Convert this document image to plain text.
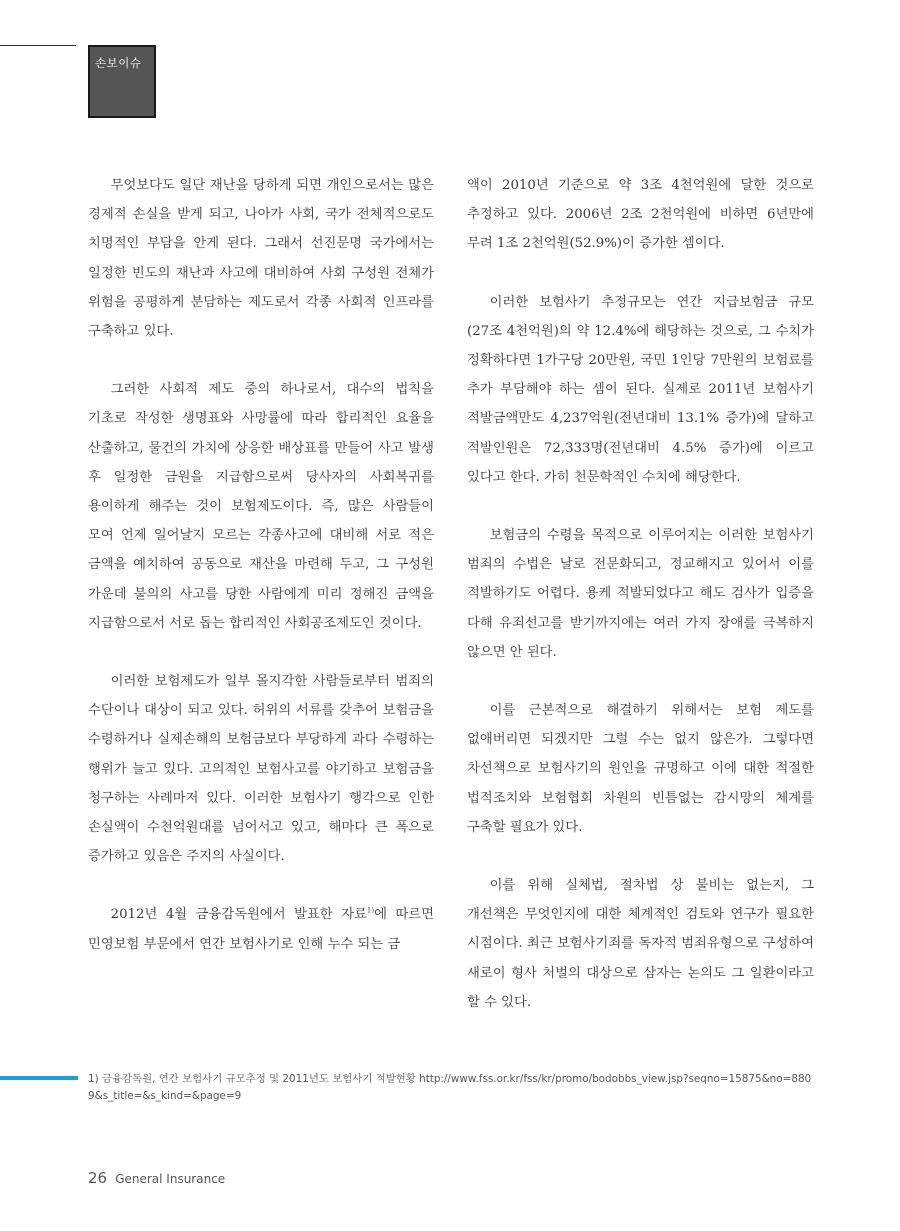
손보이슈

무엇보다도 일단 재난을 당하게 되면 개인으로서는 많은 경제적 손실을 받게 되고, 나아가 사회, 국가 전체적으로도 치명적인 부담을 안게 된다. 그래서 선진문명 국가에서는 일정한 빈도의 재난과 사고에 대비하여 사회 구성원 전체가 위험을 공평하게 분담하는 제도로서 각종 사회적 인프라를 구축하고 있다.

그러한 사회적 제도 중의 하나로서, 대수의 법칙을 기초로 작성한 생명표와 사망률에 따라 합리적인 요율을 산출하고, 물건의 가치에 상응한 배상표를 만들어 사고 발생 후 일정한 금원을 지급함으로써 당사자의 사회복귀를 용이하게 해주는 것이 보험제도이다. 즉, 많은 사람들이 모여 언제 일어날지 모르는 각종사고에 대비해 서로 적은 금액을 예치하여 공동으로 재산을 마련해 두고, 그 구성원 가운데 불의의 사고를 당한 사람에게 미리 정해진 금액을 지급함으로서 서로 돕는 합리적인 사회공조제도인 것이다.

이러한 보험제도가 일부 몰지각한 사람들로부터 범죄의 수단이나 대상이 되고 있다. 허위의 서류를 갖추어 보험금을 수령하거나 실제손해의 보험금보다 부당하게 과다 수령하는 행위가 늘고 있다. 고의적인 보험사고를 야기하고 보험금을 청구하는 사례마저 있다. 이러한 보험사기 행각으로 인한 손실액이 수천억원대를 넘어서고 있고, 해마다 큰 폭으로 증가하고 있음은 주지의 사실이다.

2012년 4월 금융감독원에서 발표한 자료$^{1)}$에 따르면 민영보험 부문에서 연간 보험사기로 인해 누수 되는 금

액이 2010년 기준으로 약 3조 4천억원에 달한 것으로 추정하고 있다. 2006년 2조 2천억원에 비하면 6년만에 무려 1조 2천억원(52.9%)이 증가한 셈이다.

이러한 보험사기 추정규모는 연간 지급보험금 규모(27조 4천억원)의 약 12.4%에 해당하는 것으로, 그 수치가 정확하다면 1가구당 20만원, 국민 1인당 7만원의 보험료를 추가 부담해야 하는 셈이 된다. 실제로 2011년 보험사기 적발금액만도 4,237억원(전년대비 13.1% 증가)에 달하고 적발인원은 72,333명(전년대비 4.5% 증가)에 이르고 있다고 한다. 가히 천문학적인 수치에 해당한다.

보험금의 수령을 목적으로 이루어지는 이러한 보험사기 범죄의 수법은 날로 전문화되고, 정교해지고 있어서 이를 적발하기도 어렵다. 용케 적발되었다고 해도 검사가 입증을 다해 유죄선고를 받기까지에는 여러 가지 장애를 극복하지 않으면 안 된다.

이를 근본적으로 해결하기 위해서는 보험 제도를 없애버리면 되겠지만 그럴 수는 없지 않은가. 그렇다면 차선책으로 보험사기의 원인을 규명하고 이에 대한 적절한 법적조치와 보험협회 차원의 빈틈없는 감시망의 체계를 구축할 필요가 있다.

이를 위해 실체법, 절차법 상 불비는 없는지, 그 개선책은 무엇인지에 대한 체계적인 검토와 연구가 필요한 시점이다. 최근 보험사기죄를 독자적 범죄유형으로 구성하여 새로이 형사 처벌의 대상으로 삼자는 논의도 그 일환이라고 할 수 있다.

1) 금융감독원, 연간 보험사기 규모추정 및 2011년도 보험사기 적발현황 http://www.fss.or.kr/fss/kr/promo/bodobbs_view.jsp?seqno=15875&no=8809&s_title=&s_kind=&page=9
26 General Insurance
